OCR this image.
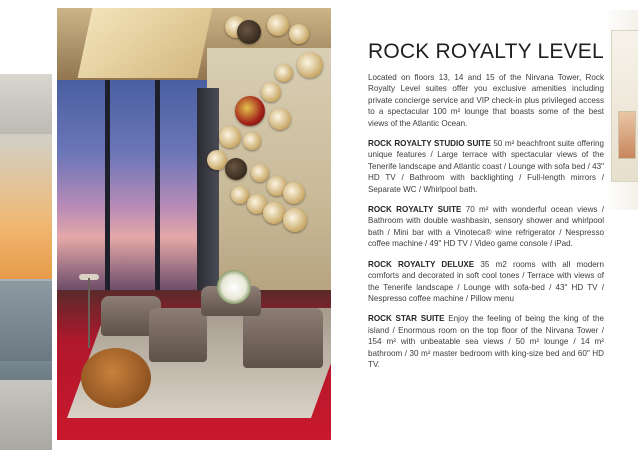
ROCK ROYALTY LEVEL

Located on floors 13, 14 and 15 of the Nirvana Tower, Rock Royalty Level suites offer you exclusive amenities including private concierge service and VIP check-in plus privileged access to a spectacular 100 m² lounge that boasts some of the best views of the Atlantic Ocean.

ROCK ROYALTY STUDIO SUITE 50 m² beachfront suite offering unique features / Large terrace with spectacular views of the Tenerife landscape and Atlantic coast / Lounge with sofa bed / 43" HD TV / Bathroom with backlighting / Full-length mirrors / Separate WC / Whirlpool bath.

ROCK ROYALTY SUITE 70 m² with wonderful ocean views / Bathroom with double washbasin, sensory shower and whirlpool bath / Mini bar with a Vinoteca® wine refrigerator / Nespresso coffee machine / 49" HD TV / Video game console / iPad.

ROCK ROYALTY DELUXE 35 m2 rooms with all modern comforts and decorated in soft cool tones / Terrace with views of the Tenerife landscape / Lounge with sofa-bed / 43" HD TV / Nespresso coffee machine / Pillow menu

ROCK STAR SUITE Enjoy the feeling of being the king of the island / Enormous room on the top floor of the Nirvana Tower / 154 m² with unbeatable sea views / 50 m² lounge / 14 m² bathroom / 30 m² master bedroom with king-size bed and 60" HD TV.
